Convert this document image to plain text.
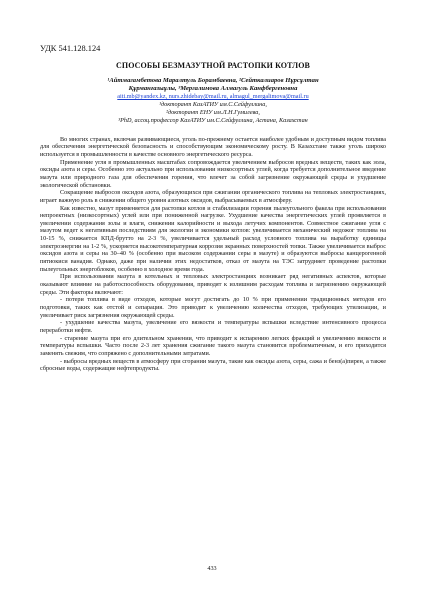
УДК 541.128.124

СПОСОБЫ БЕЗМАЗУТНОЙ РАСТОПКИ КОТЛОВ

¹Айтмагамбетова Маралтуль Борамбаевна, ²Сейткалиаров Нұрсұлтан

Құрманғазыұлы, ³Мергалимова Алмагуль Канфбергеновна

aiti.mb@yandex.kz, nurs.zhidebay@mail.ru, almagul_mergalimova@mail.ru

¹докторант КазАТИУ им.С.Сейфуллина,

²докторант ЕНУ им.Л.Н.Гумилева,

³PhD, ассоц.профессор КазАТИУ им.С.Сейфуллина, Астана, Казахстан

Во многих странах, включая развивающиеся, уголь по-прежнему остается наиболее удобным и доступным видом топлива для обеспечения энергетической безопасность и способствующим экономическому росту. В Казахстане также уголь широко используется в промышленности в качестве основного энергетического ресурса.

Применение угля в промышленных масштабах сопровождается увеличением выбросов вредных веществ, таких как зола, оксиды азота и серы. Особенно это актуально при использовании низкосортных углей, когда требуется дополнительное введение мазута или природного газа для обеспечения горения, что влечет за собой загрязнение окружающей среды и ухудшение экологической обстановки.

Сокращение выбросов оксидов азота, образующихся при сжигании органического топлива на тепловых электростанциях, играет важную роль в снижении общего уровня азотных оксидов, выбрасываемых в атмосферу.

Как известно, мазут применяется для растопки котлов и стабилизации горения пылеугольного факела при использовании непроектных (низкосортных) углей или при пониженной нагрузке. Ухудшение качества энергетических углей проявляется в увеличении содержания золы и влаги, снижении калорийности и выхода летучих компонентов. Совместное сжигание угля с мазутом ведет к негативным последствиям для экологии и экономики котлов: увеличивается механический недожог топлива на 10-15 %, снижается КПД-брутто на 2-3 %, увеличивается удельный расход условного топлива на выработку единицы электроэнергии на 1-2 %, ускоряется высокотемпературная коррозия экранных поверхностей топки. Также увеличивается выброс оксидов азота и серы на 30–40 % (особенно при высоком содержании серы в мазуте) и образуются выбросы канцерогенной пятиокиси ванадия. Однако, даже при наличии этих недостатков, отказ от мазута на ТЭС затрудняет проведение растопки пылеугольных энергоблоков, особенно в холодное время года.

При использовании мазута в котельных и тепловых электростанциях возникает ряд негативных аспектов, которые оказывают влияние на работоспособность оборудования, приводят к излишним расходам топлива и загрязнению окружающей среды. Эти факторы включают:

- потери топлива в виде отходов, которые могут достигать до 10 % при применении традиционных методов его подготовки, таких как отстой и сепарация. Это приводит к увеличению количества отходов, требующих утилизации, и увеличивает риск загрязнения окружающей среды.

- ухудшение качества мазута, увеличение его вязкости и температуры вспышки вследствие интенсивного процесса переработки нефти.

- старение мазута при его длительном хранении, что приводит к испарению легких фракций и увеличению вязкости и температуры вспышки. Часто после 2-3 лет хранения сжигание такого мазута становится проблематичным, и его приходится заменять свежим, что сопряжено с дополнительными затратами.

- выбросы вредных веществ в атмосферу при сгорании мазута, такие как оксиды азота, серы, сажа и бенз(а)пирен, а также сбросные воды, содержащие нефтепродукты.

433
